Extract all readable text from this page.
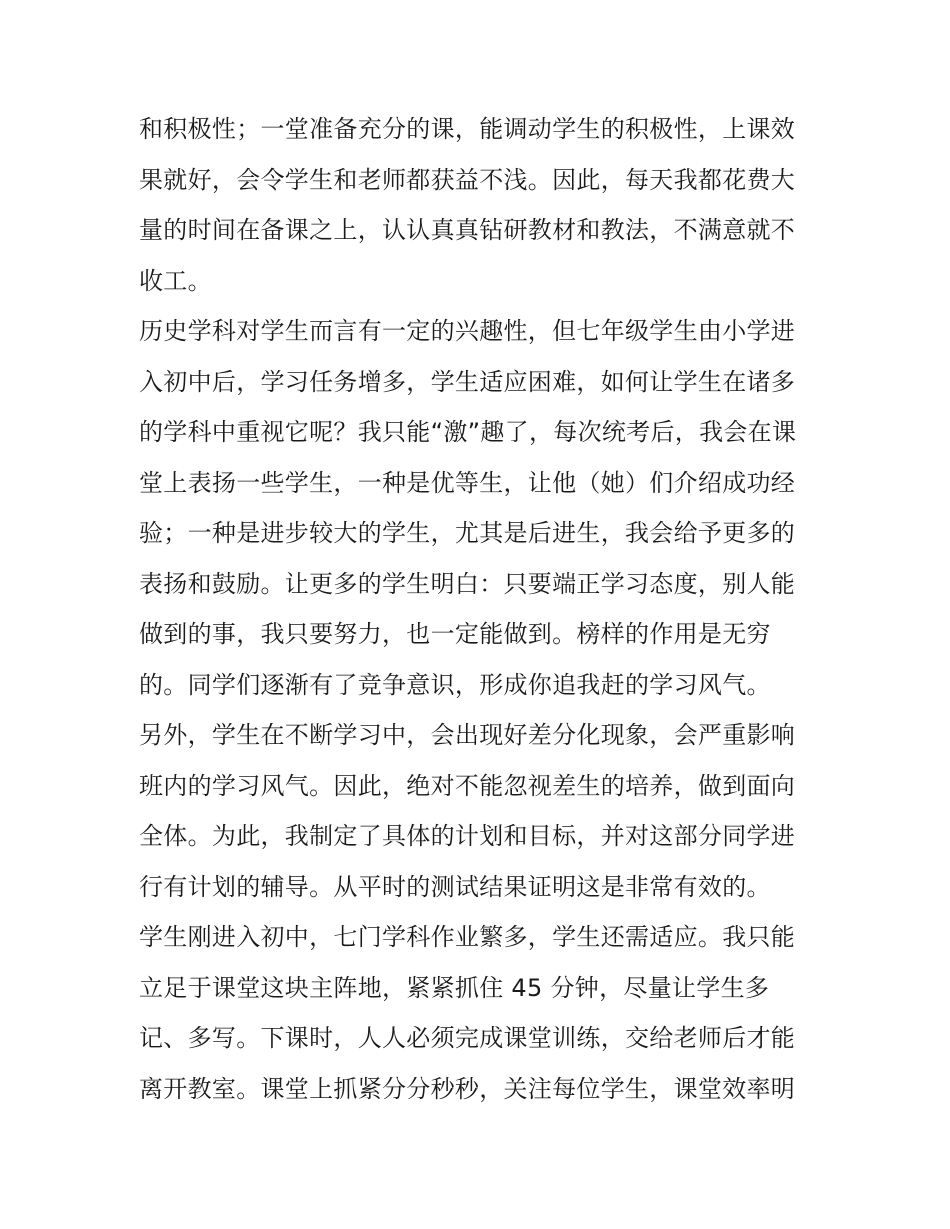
和积极性；一堂准备充分的课，能调动学生的积极性，上课效
果就好，会令学生和老师都获益不浅。因此，每天我都花费大
量的时间在备课之上，认认真真钻研教材和教法，不满意就不
收工。
历史学科对学生而言有一定的兴趣性，但七年级学生由小学进
入初中后，学习任务增多，学生适应困难，如何让学生在诸多
的学科中重视它呢？我只能“激”趣了，每次统考后，我会在课
堂上表扬一些学生，一种是优等生，让他（她）们介绍成功经
验；一种是进步较大的学生，尤其是后进生，我会给予更多的
表扬和鼓励。让更多的学生明白：只要端正学习态度，别人能
做到的事，我只要努力，也一定能做到。榜样的作用是无穷
的。同学们逐渐有了竞争意识，形成你追我赶的学习风气。
另外，学生在不断学习中，会出现好差分化现象，会严重影响
班内的学习风气。因此，绝对不能忽视差生的培养，做到面向
全体。为此，我制定了具体的计划和目标，并对这部分同学进
行有计划的辅导。从平时的测试结果证明这是非常有效的。
学生刚进入初中，七门学科作业繁多，学生还需适应。我只能
立足于课堂这块主阵地，紧紧抓住 45 分钟，尽量让学生多
记、多写。下课时，人人必须完成课堂训练，交给老师后才能
离开教室。课堂上抓紧分分秒秒，关注每位学生，课堂效率明
